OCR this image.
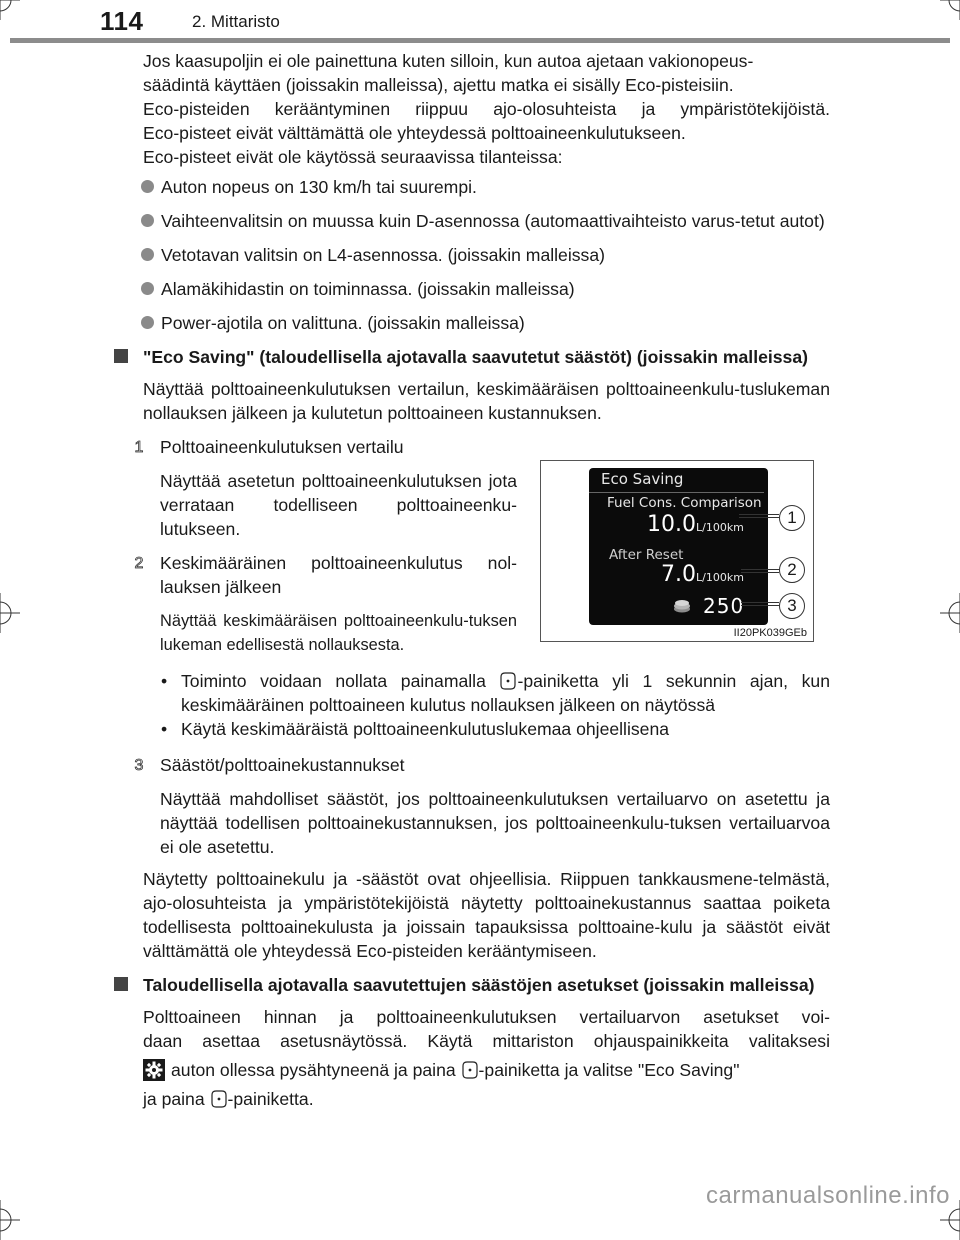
114	2. Mittaristo
Jos kaasupoljin ei ole painettuna kuten silloin, kun autoa ajetaan vakionopeus-
säädintä käyttäen (joissakin malleissa), ajettu matka ei sisälly Eco-pisteisiin.
Eco-pisteiden kerääntyminen riippuu ajo-olosuhteista ja ympäristötekijöistä.
Eco-pisteet eivät välttämättä ole yhteydessä polttoaineenkulutukseen.
Eco-pisteet eivät ole käytössä seuraavissa tilanteissa:
Auton nopeus on 130 km/h tai suurempi.
Vaihteenvalitsin on muussa kuin D-asennossa (automaattivaihteisto varus-tetut autot)
Vetotavan valitsin on L4-asennossa. (joissakin malleissa)
Alamäkihidastin on toiminnassa. (joissakin malleissa)
Power-ajotila on valittuna. (joissakin malleissa)
"Eco Saving" (taloudellisella ajotavalla saavutetut säästöt) (joissakin malleissa)
Näyttää polttoaineenkulutuksen vertailun, keskimääräisen polttoaineenkulu-tuslukeman nollauksen jälkeen ja kulutetun polttoaineen kustannuksen.
1 Polttoaineenkulutuksen vertailu
Näyttää asetetun polttoaineenkulutuksen jota verrataan todelliseen polttoaineenku-lutukseen.
2 Keskimääräinen polttoaineenkulutus nol-lauksen jälkeen
Näyttää keskimääräisen polttoaineenkulu-tuksen lukeman edellisestä nollauksesta.
• Toiminto voidaan nollata painamalla -painiketta yli 1 sekunnin ajan, kun keskimääräinen polttoaineen kulutus nollauksen jälkeen on näytössä
• Käytä keskimääräistä polttoaineenkulutuslukemaa ohjeellisena
3 Säästöt/polttoainekustannukset
Näyttää mahdolliset säästöt, jos polttoaineenkulutuksen vertailuarvo on asetettu ja näyttää todellisen polttoainekustannuksen, jos polttoaineenkulu-tuksen vertailuarvoa ei ole asetettu.
Näytetty polttoainekulu ja -säästöt ovat ohjeellisia. Riippuen tankkausmene-telmästä, ajo-olosuhteista ja ympäristötekijöistä näytetty polttoainekustannus saattaa poiketa todellisesta polttoainekulusta ja joissain tapauksissa polttoaine-kulu ja säästöt eivät välttämättä ole yhteydessä Eco-pisteiden kerääntymiseen.
Taloudellisella ajotavalla saavutettujen säästöjen asetukset (joissakin malleissa)
Polttoaineen hinnan ja polttoaineenkulutuksen vertailuarvon asetukset voi-
daan asettaa asetusnäytössä. Käytä mittariston ohjauspainikkeita valitaksesi
auton ollessa pysähtyneenä ja paina -painiketta ja valitse "Eco Saving"
ja paina -painiketta.
Eco Saving
Fuel Cons. Comparison
10.0L/100km
After Reset
7.0L/100km
250
1
2
3
II20PK039GEb
carmanualsonline.info
